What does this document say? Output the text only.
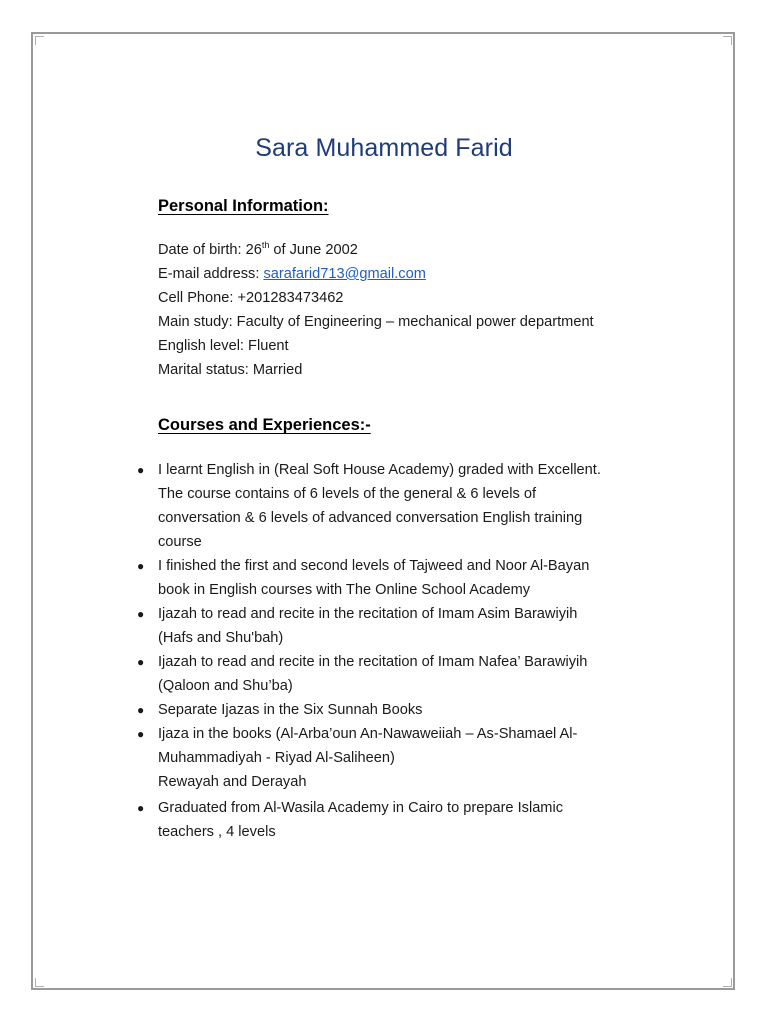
Sara Muhammed Farid
Personal Information:
Date of birth: 26th of June 2002
E-mail address: sarafarid713@gmail.com
Cell Phone: +201283473462
Main study: Faculty of Engineering – mechanical power department
English level: Fluent
Marital status: Married
Courses and Experiences:-
● I learnt English in (Real Soft House Academy) graded with Excellent.
The course contains of 6 levels of the general & 6 levels of
conversation & 6 levels of advanced conversation English training
course
● I finished the first and second levels of Tajweed and Noor Al-Bayan
book in English courses with The Online School Academy
● Ijazah to read and recite in the recitation of Imam Asim Barawiyih
(Hafs and Shu'bah)
● Ijazah to read and recite in the recitation of Imam Nafea’ Barawiyih
(Qaloon and Shu’ba)
● Separate Ijazas in the Six Sunnah Books
● Ijaza in the books (Al-Arba’oun An-Nawaweiiah – As-Shamael Al-
Muhammadiyah - Riyad Al-Saliheen)
Rewayah and Derayah
● Graduated from Al-Wasila Academy in Cairo to prepare Islamic
teachers , 4 levels
